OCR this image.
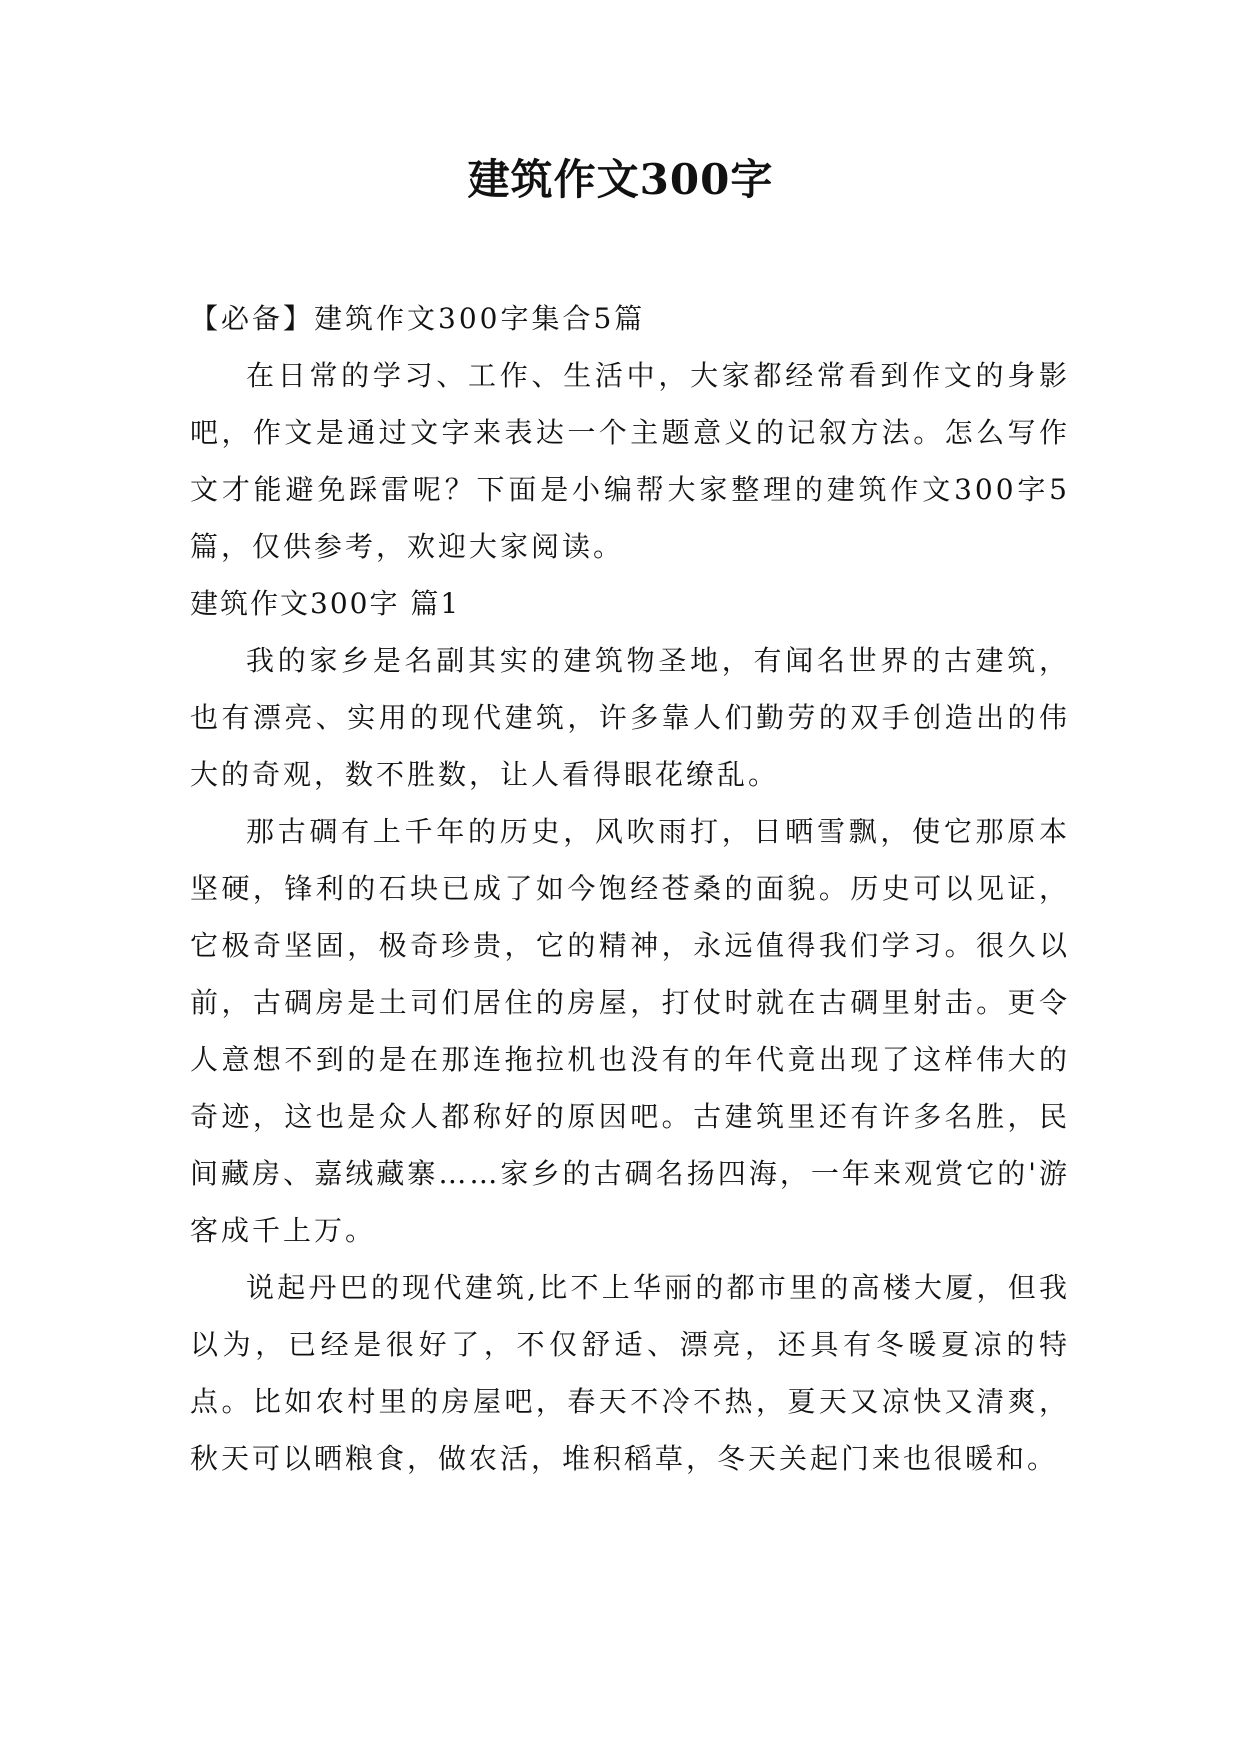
建筑作文300字

【必备】建筑作文300字集合5篇

在日常的学习、工作、生活中，大家都经常看到作文的身影吧，作文是通过文字来表达一个主题意义的记叙方法。怎么写作文才能避免踩雷呢？下面是小编帮大家整理的建筑作文300字5篇，仅供参考，欢迎大家阅读。

建筑作文300字 篇1

我的家乡是名副其实的建筑物圣地，有闻名世界的古建筑，也有漂亮、实用的现代建筑，许多靠人们勤劳的双手创造出的伟大的奇观，数不胜数，让人看得眼花缭乱。

那古碉有上千年的历史，风吹雨打，日晒雪飘，使它那原本坚硬，锋利的石块已成了如今饱经苍桑的面貌。历史可以见证，它极奇坚固，极奇珍贵，它的精神，永远值得我们学习。很久以前，古碉房是土司们居住的房屋，打仗时就在古碉里射击。更令人意想不到的是在那连拖拉机也没有的年代竟出现了这样伟大的奇迹，这也是众人都称好的原因吧。古建筑里还有许多名胜，民间藏房、嘉绒藏寨……家乡的古碉名扬四海，一年来观赏它的'游客成千上万。

说起丹巴的现代建筑,比不上华丽的都市里的高楼大厦，但我以为，已经是很好了，不仅舒适、漂亮，还具有冬暖夏凉的特点。比如农村里的房屋吧，春天不冷不热，夏天又凉快又清爽，秋天可以晒粮食，做农活，堆积稻草，冬天关起门来也很暖和。
